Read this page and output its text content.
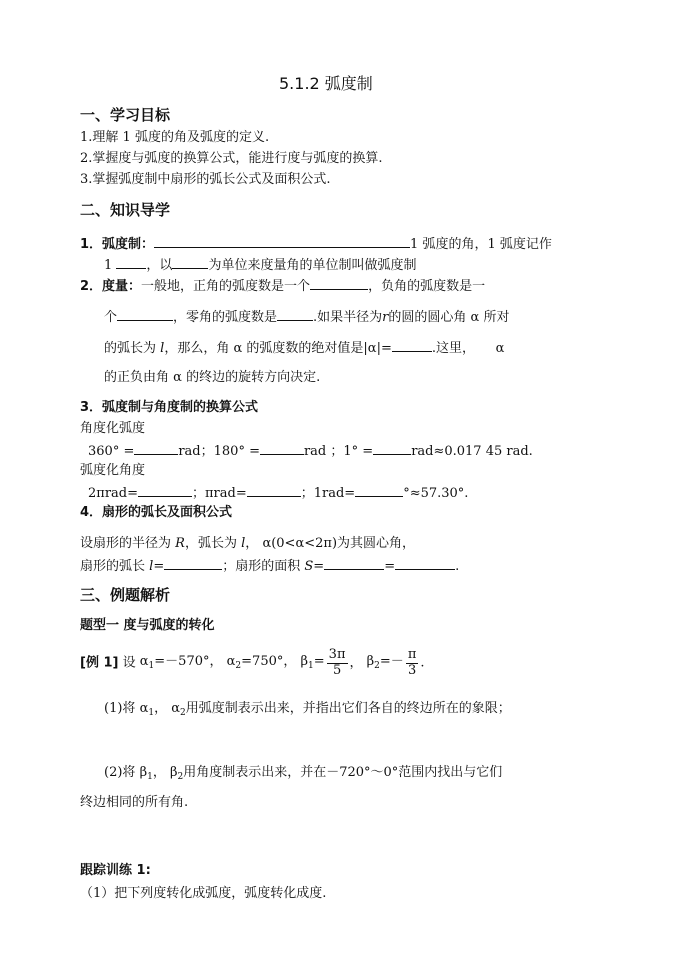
5.1.2 弧度制
一、学习目标
1.理解 1 弧度的角及弧度的定义.
2.掌握度与弧度的换算公式，能进行度与弧度的换算.
3.掌握弧度制中扇形的弧长公式及面积公式.
二、知识导学
1．弧度制：	1 弧度的角，1 弧度记作
1	，以	为单位来度量角的单位制叫做弧度制
2．度量：一般地，正角的弧度数是一个	，负角的弧度数是一
个	，零角的弧度数是	.如果半径为r的圆的圆心角 α 所对
的弧长为 l，那么，角 α 的弧度数的绝对值是|α|=	.这里， α
的正负由角 α 的终边的旋转方向决定.
3．弧度制与角度制的换算公式
角度化弧度
360° =	rad；180° =	rad ；1° =	rad≈0.017 45 rad.
弧度化角度
2πrad=	；πrad=	；1rad=	°≈57.30°.
4．扇形的弧长及面积公式
设扇形的半径为 R，弧长为 l， α(0<α<2π)为其圆心角，
扇形的弧长 l=	；扇形的面积 S=	=	.
三、例题解析
题型一 度与弧度的转化
[例 1] 设 $\alpha_1=-570^\circ$， $\alpha_2=750^\circ$， $\beta_1= \frac{3\pi}{5}$ ， $\beta_2=- \frac{\pi}{3}$ .
(1)将 $\alpha_1$， $\alpha_2$用弧度制表示出来，并指出它们各自的终边所在的象限；
(2)将 $\beta_1$， $\beta_2$用角度制表示出来，并在－720°～0°范围内找出与它们
终边相同的所有角.
跟踪训练 1:
（1）把下列度转化成弧度，弧度转化成度.
